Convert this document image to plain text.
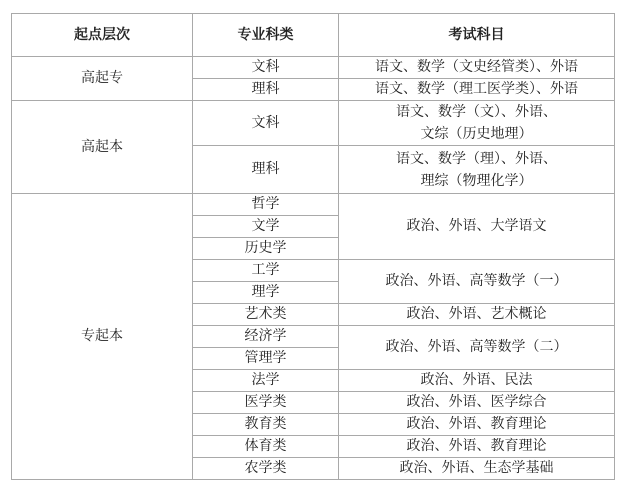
起点层次	专业科类	考试科目
高起专	文科	语文、数学（文史经管类）、外语
	理科	语文、数学（理工医学类）、外语
高起本	文科	语文、数学（文）、外语、
文综（历史地理）

	理科	语文、数学（理）、外语、
理综（物理化学）

专起本	哲学	政治、外语、大学语文
	文学	
	历史学	
	工学	政治、外语、高等数学（一）
	理学	
	艺术类	政治、外语、艺术概论
	经济学	政治、外语、高等数学（二）
	管理学	
	法学	政治、外语、民法
	医学类	政治、外语、医学综合
	教育类	政治、外语、教育理论
	体育类	政治、外语、教育理论
	农学类	政治、外语、生态学基础
